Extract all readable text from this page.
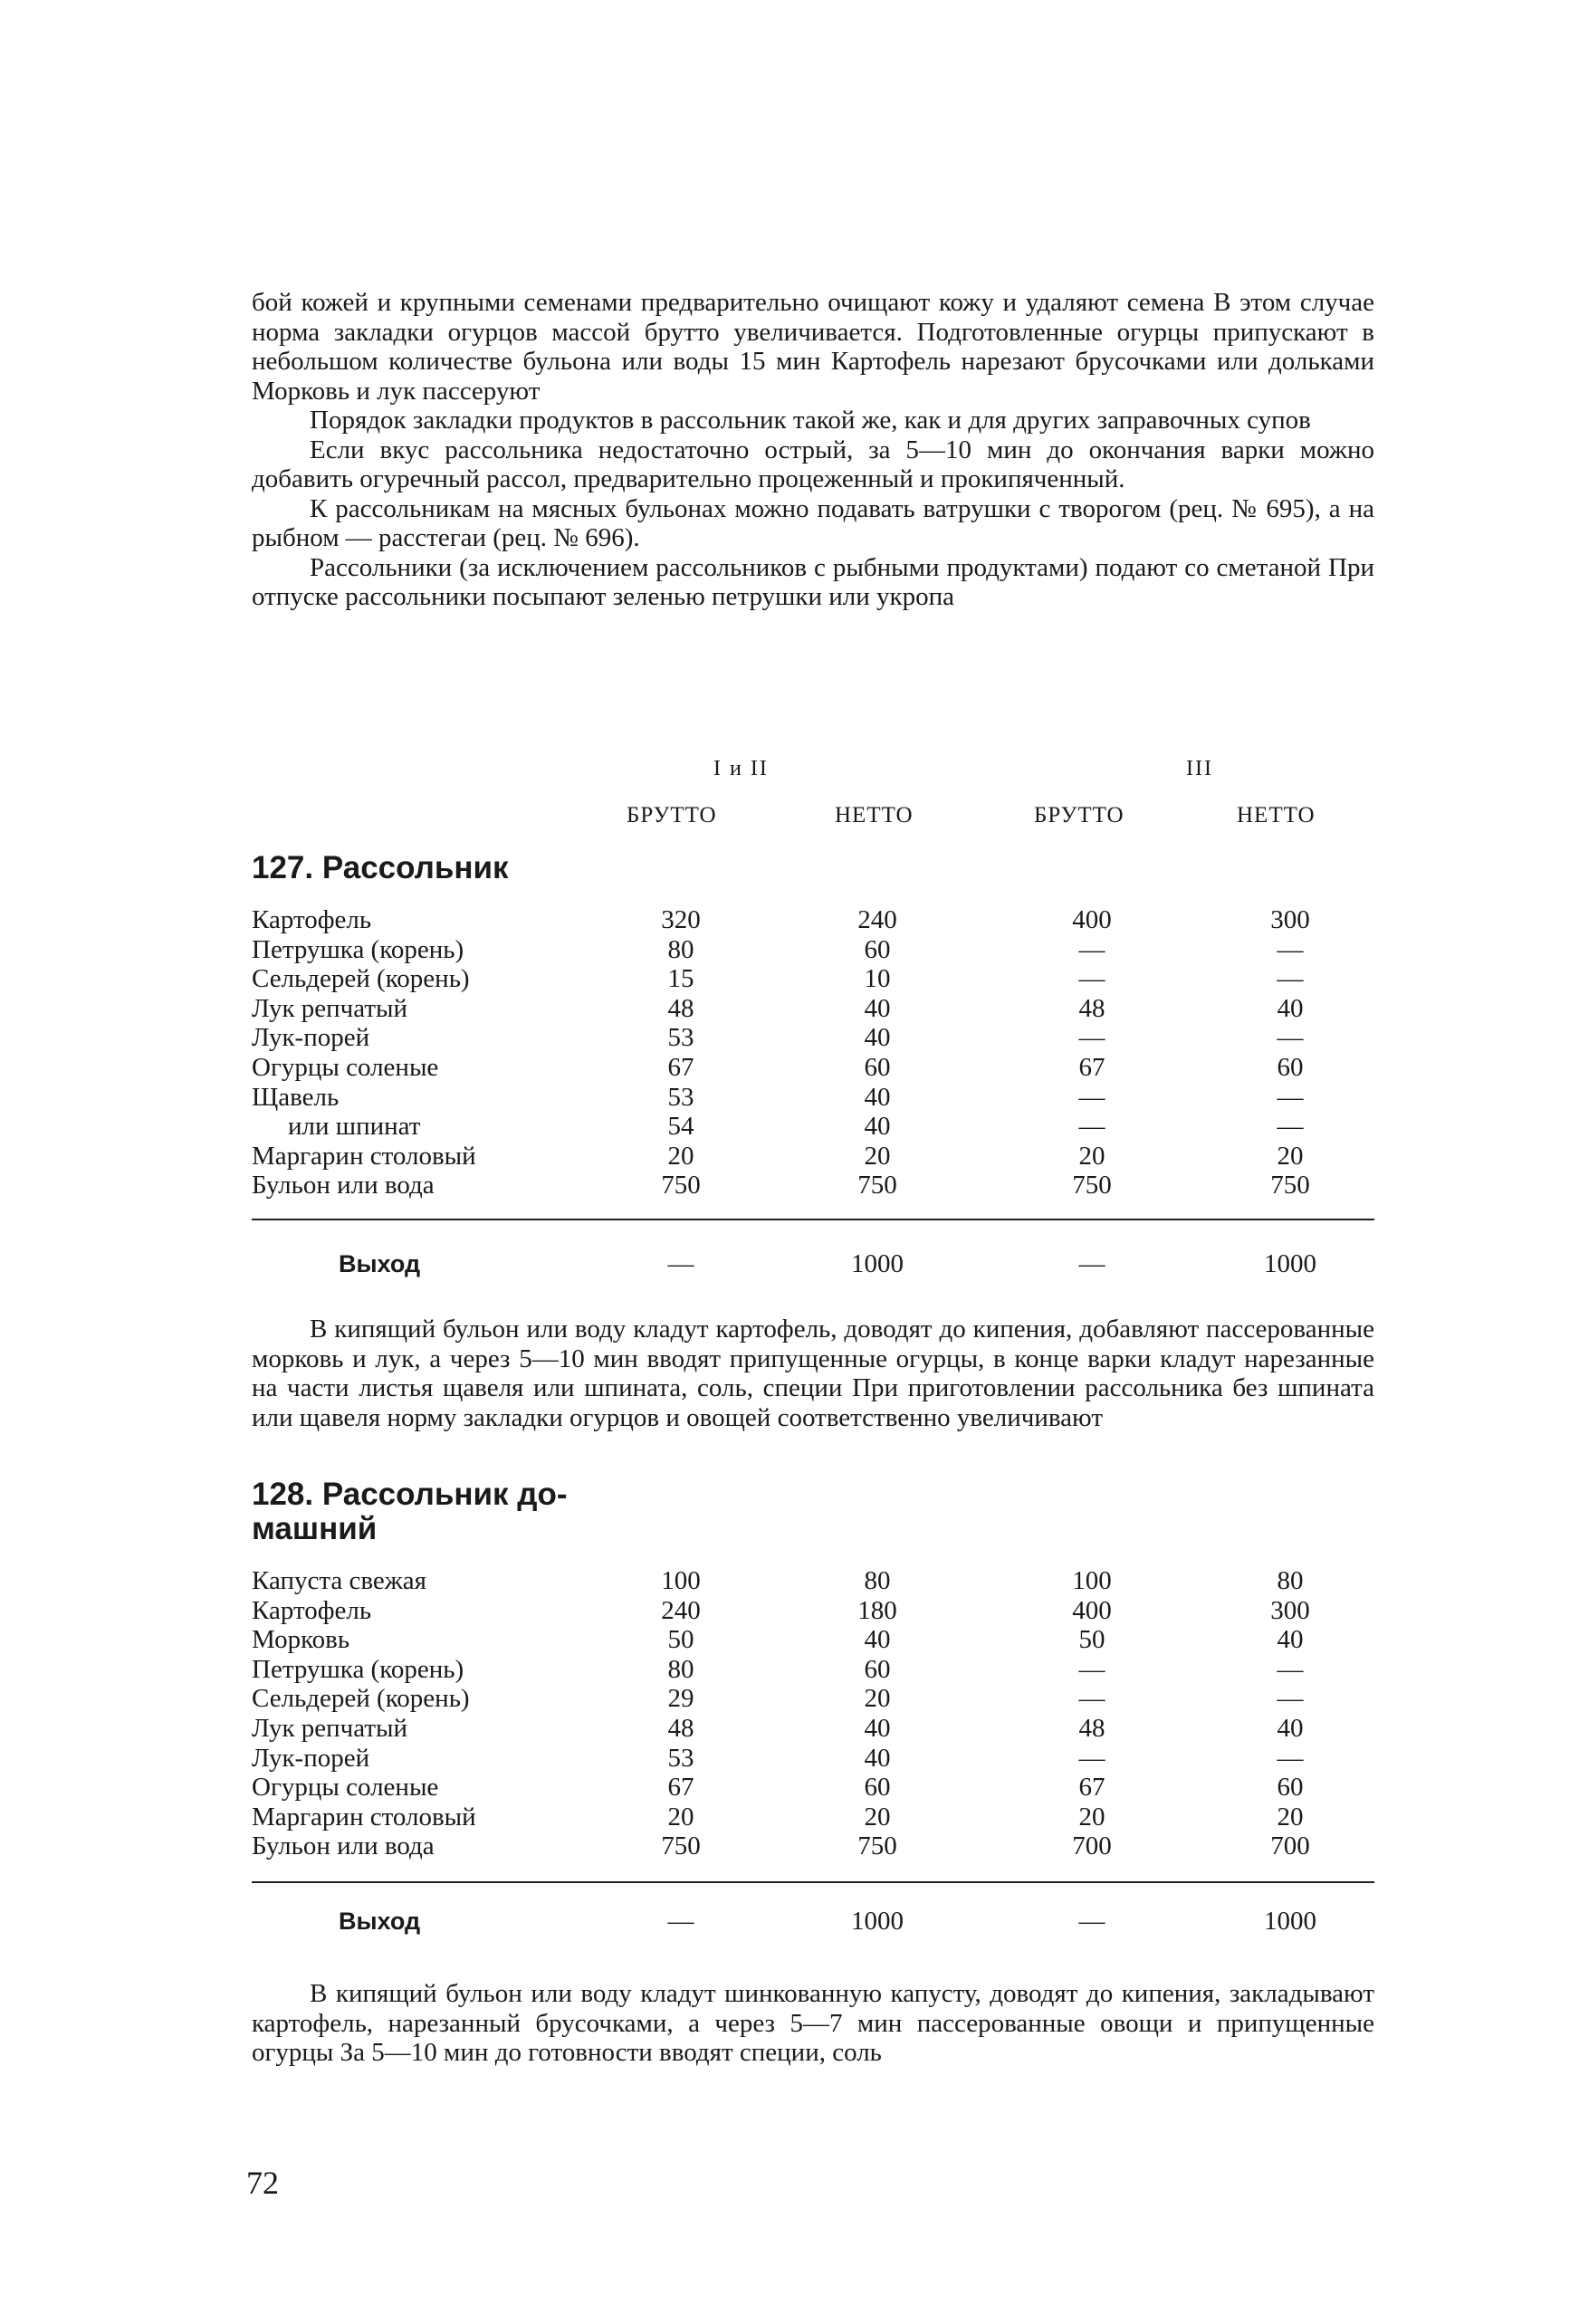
бой кожей и крупными семенами предварительно очищают кожу и удаляют семена В этом случае норма закладки огурцов массой брутто увеличивается. Подготовленные огурцы припускают в небольшом количестве бульона или воды 15 мин Картофель нарезают брусочками или дольками Морковь и лук пассеруют

Порядок закладки продуктов в рассольник такой же, как и для других заправочных супов

Если вкус рассольника недостаточно острый, за 5—10 мин до окончания варки можно добавить огуречный рассол, предварительно процеженный и прокипяченный.

К рассольникам на мясных бульонах можно подавать ватрушки с творогом (рец. № 695), а на рыбном — расстегаи (рец. № 696).

Рассольники (за исключением рассольников с рыбными продуктами) подают со сметаной При отпуске рассольники посыпают зеленью петрушки или укропа

I и II	III
БРУТТО	НЕТТО	БРУТТО	НЕТТО
127. Рассольник
Картофель	320	240	400	300
Петрушка (корень)	80	60	—	—
Сельдерей (корень)	15	10	—	—
Лук репчатый	48	40	48	40
Лук-порей	53	40	—	—
Огурцы соленые	67	60	67	60
Щавель	53	40	—	—
или шпинат	54	40	—	—
Маргарин столовый	20	20	20	20
Бульон или вода	750	750	750	750
Выход	—	1000	—	1000

В кипящий бульон или воду кладут картофель, доводят до кипения, добавляют пассерованные морковь и лук, а через 5—10 мин вводят припущенные огурцы, в конце варки кладут нарезанные на части листья щавеля или шпината, соль, специи При приготовлении рассольника без шпината или щавеля норму закладки огурцов и овощей соответственно увеличивают

128. Рассольник до-
машний
Капуста свежая	100	80	100	80
Картофель	240	180	400	300
Морковь	50	40	50	40
Петрушка (корень)	80	60	—	—
Сельдерей (корень)	29	20	—	—
Лук репчатый	48	40	48	40
Лук-порей	53	40	—	—
Огурцы соленые	67	60	67	60
Маргарин столовый	20	20	20	20
Бульон или вода	750	750	700	700
Выход	—	1000	—	1000

В кипящий бульон или воду кладут шинкованную капусту, доводят до кипения, закладывают картофель, нарезанный брусочками, а через 5—7 мин пассерованные овощи и припущенные огурцы За 5—10 мин до готовности вводят специи, соль

72
